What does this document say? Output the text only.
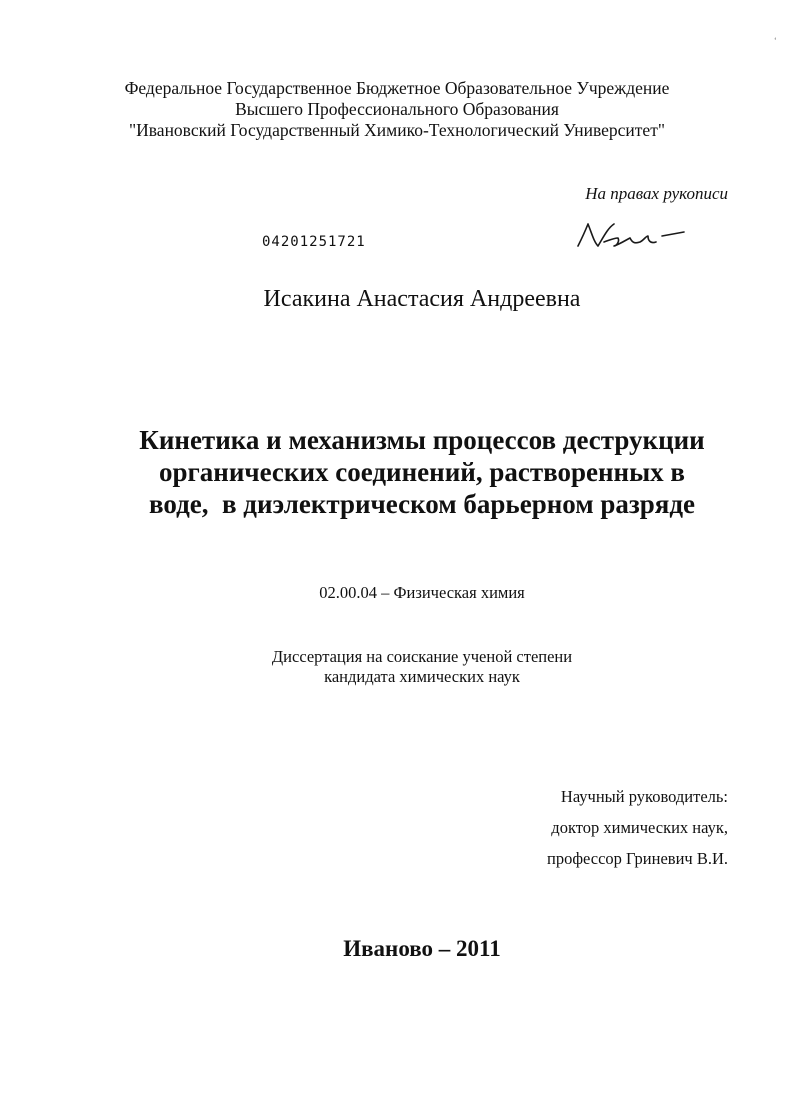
‘
Федеральное Государственное Бюджетное Образовательное Учреждение
Высшего Профессионального Образования
"Ивановский Государственный Химико-Технологический Университет"
На правах рукописи
04201251721
Исакина Анастасия Андреевна
Кинетика и механизмы процессов деструкции
органических соединений, растворенных в
воде,  в диэлектрическом барьерном разряде
02.00.04 – Физическая химия
Диссертация на соискание ученой степени
кандидата химических наук
Научный руководитель:
доктор химических наук,
профессор Гриневич В.И.
Иваново – 2011
